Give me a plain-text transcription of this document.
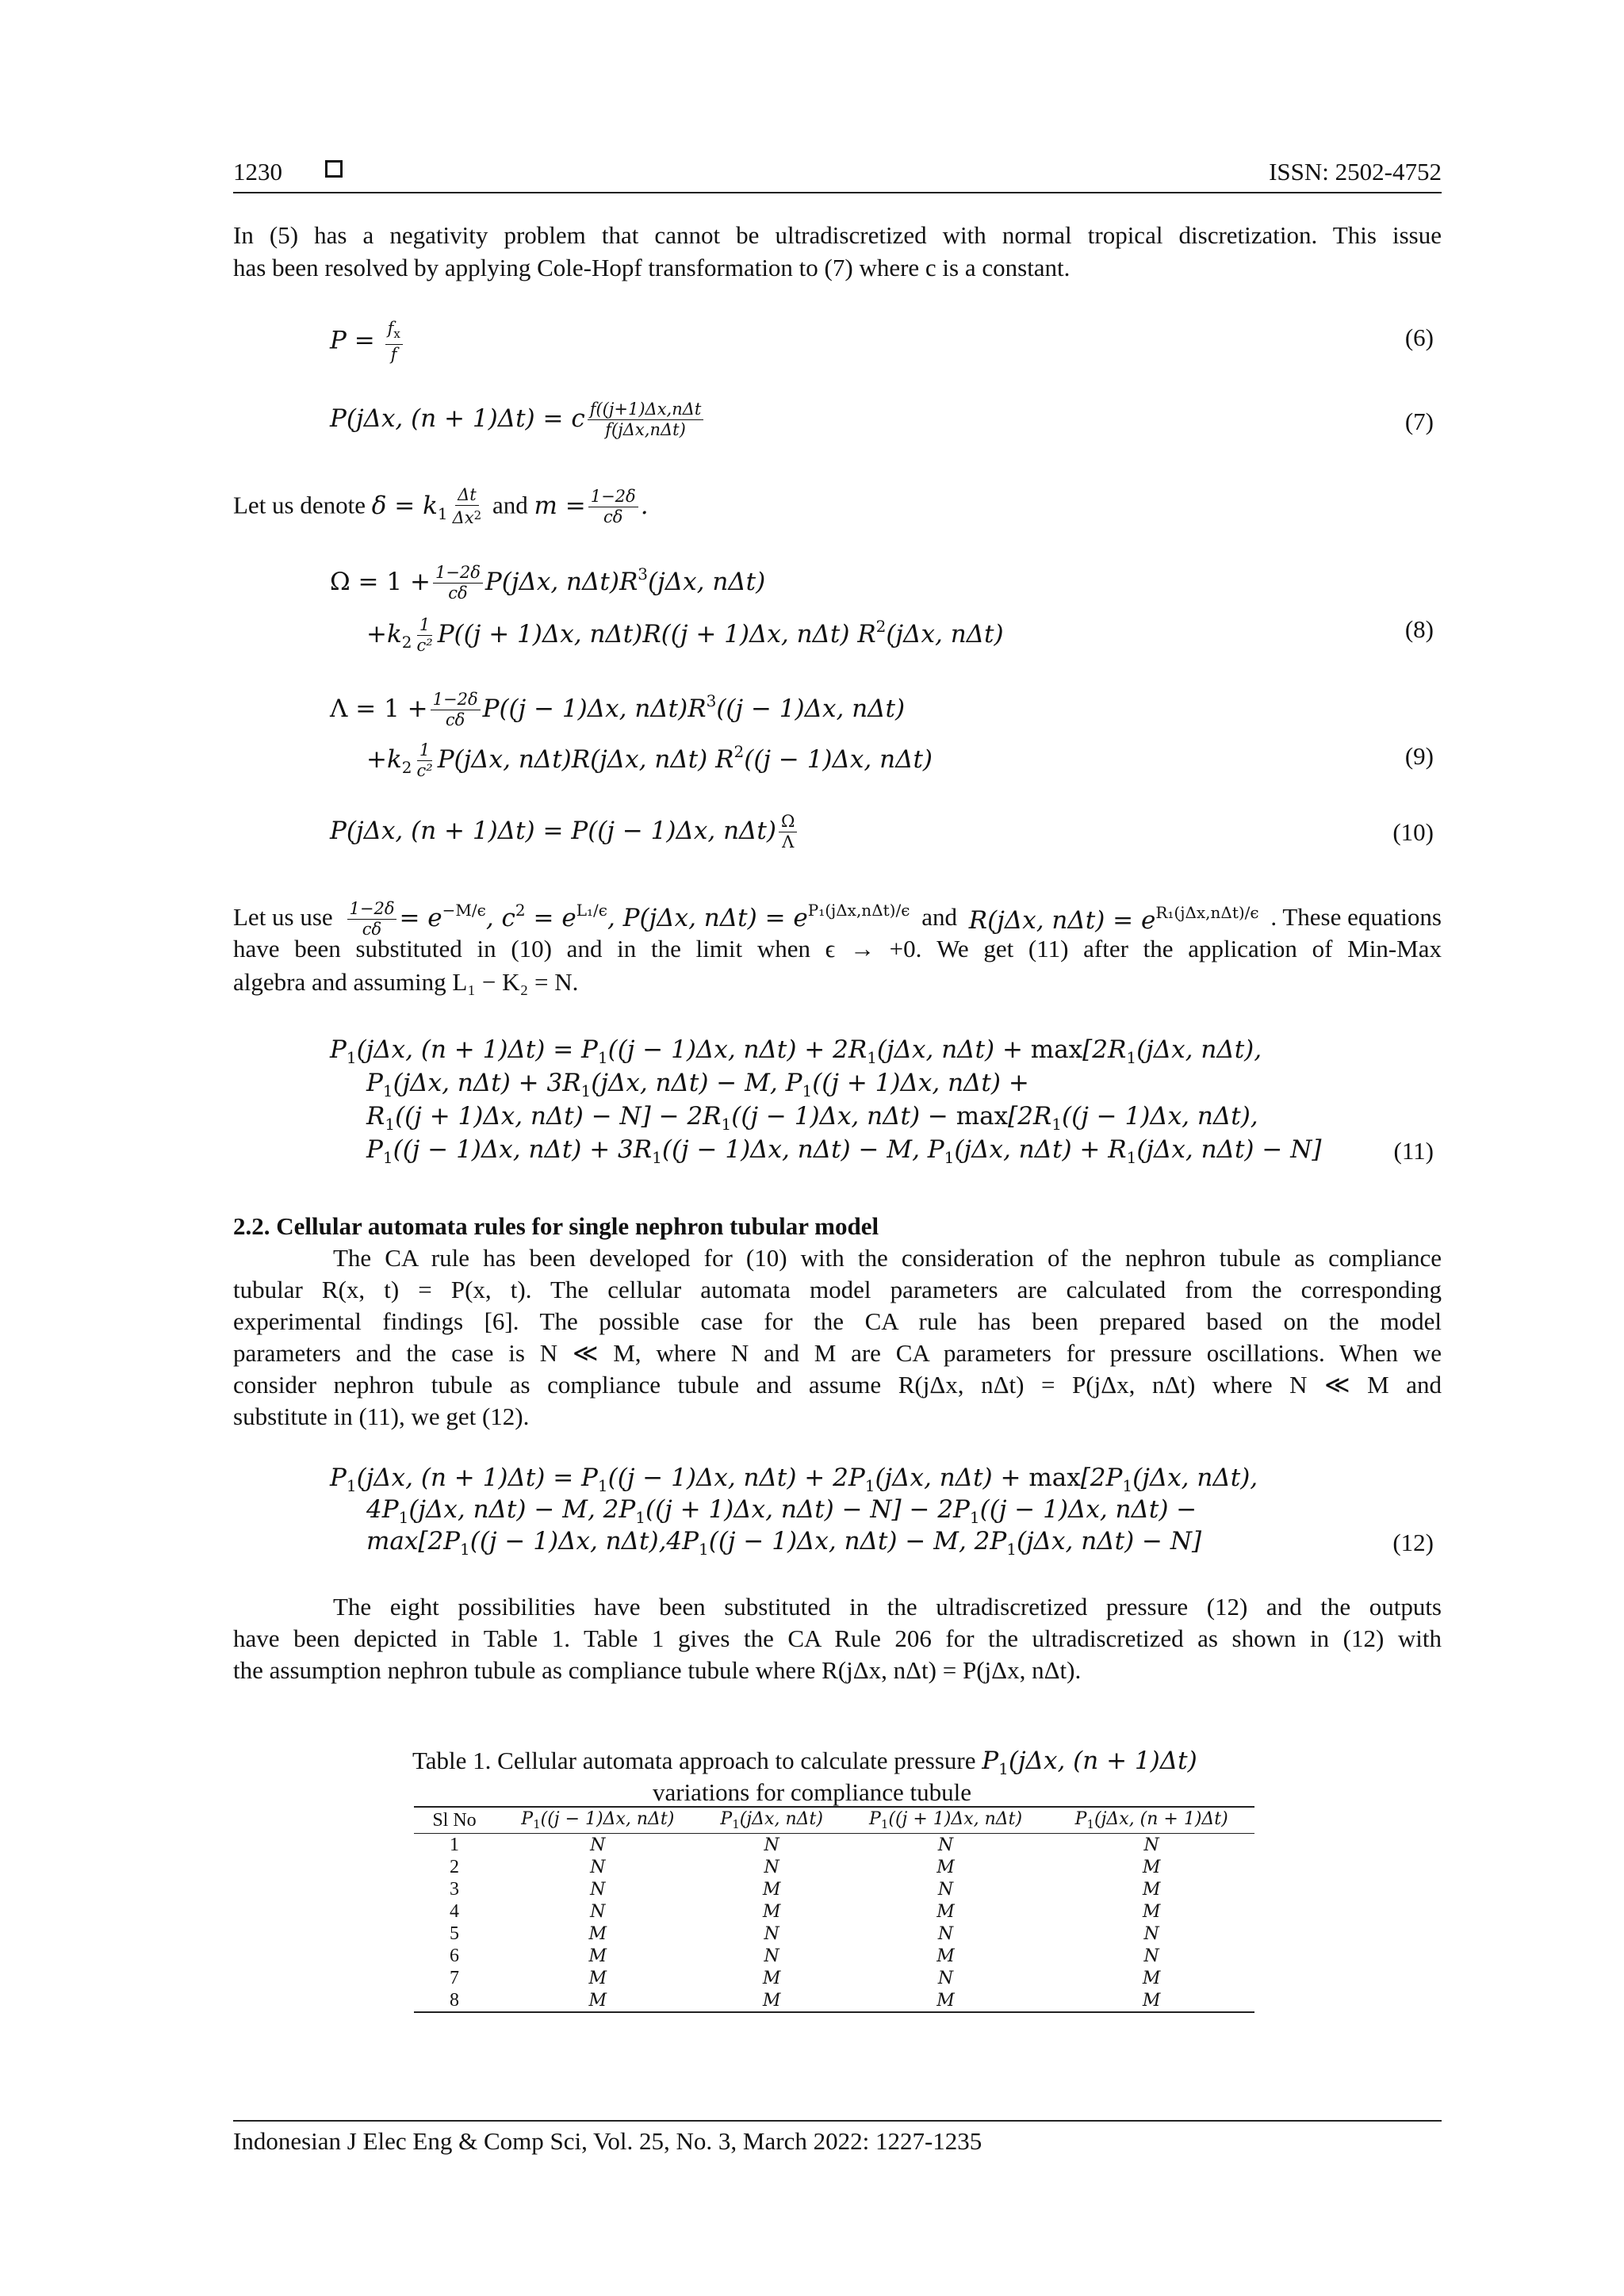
1230	ISSN: 2502-4752
In (5) has a negativity problem that cannot be ultradiscretized with normal tropical discretization. This issue
has been resolved by applying Cole-Hopf transformation to (7) where c is a constant.
$P = \frac{f_x}{f}$	(6)
P(jΔx, (n + 1)Δt) = c $\frac{\text{f((j+1)Δx,nΔt}}{\text{f(jΔx,nΔt)}}$	(7)
Let us denote $\delta = k_1 \frac{\Delta t}{\Delta x^2}$ and $m = \frac{1-2\delta}{c\delta}$ .
$\Omega = 1 + \frac{1-2\delta}{c\delta} P(j\Delta x$, $n\Delta t)R^3(j\Delta x$, nΔt)
$+k_2 \frac{1}{\text{c²}} P((j + 1)\Delta x$, nΔt)R((j + 1)Δx, nΔt) $R^2(j\Delta x$, nΔt)	(8)
$\Lambda = 1 + \frac{1-2\delta}{c\delta} P((j - 1)\Delta x$, $n\Delta t)R^3((j - 1)\Delta x$, nΔt)
$+k_2 \frac{1}{\text{c²}} P(j\Delta x$, nΔt)R(jΔx, nΔt) $R^2((j - 1)\Delta x$, nΔt)	(9)
P(jΔx, (n + 1)Δt) = P((j − 1)Δx, $n\Delta t) \frac{\Omega}{\Lambda}$	(10)
Let us use $\frac{1-2\delta}{c\delta} = e^{-M/\epsilon}$, $c^2 = e^{L_1/\epsilon}$, P(jΔx, $n\Delta t) = e^{P_1(j\Delta x,n\Delta t)/\epsilon}$ and R(jΔx, $n\Delta t) = e^{R_1(j\Delta x,n\Delta t)/\epsilon}$ . These equations
have been substituted in (10) and in the limit when ϵ → +0. We get (11) after the application of Min-Max
algebra and assuming L₁ − K₂ = N.
$P_1(j\Delta x$, $(n + 1)\Delta t) = P_1((j - 1)\Delta x$, $n\Delta t) + 2R_1(j\Delta x$, $n\Delta t) + \max[2R_1(j\Delta x$, nΔt),
$P_1(j\Delta x$, $n\Delta t) + 3R_1(j\Delta x$, nΔt) − M, $P_1((j + 1)\Delta x$, nΔt) +
$R_1((j + 1)\Delta x$, $n\Delta t) - N] - 2R_1((j - 1)\Delta x$, $n\Delta t) - \max[2R_1((j - 1)\Delta x$, nΔt),
$P_1((j - 1)\Delta x$, $n\Delta t) + 3R_1((j - 1)\Delta x$, nΔt) − M, $P_1(j\Delta x$, $n\Delta t) + R_1(j\Delta x$, nΔt) − N]	(11)
2.2. Cellular automata rules for single nephron tubular model
The CA rule has been developed for (10) with the consideration of the nephron tubule as compliance
tubular R(x, t) = P(x, t). The cellular automata model parameters are calculated from the corresponding
experimental findings [6]. The possible case for the CA rule has been prepared based on the model
parameters and the case is N ≪ M, where N and M are CA parameters for pressure oscillations. When we
consider nephron tubule as compliance tubule and assume R(jΔx, nΔt) = P(jΔx, nΔt) where N ≪ M and
substitute in (11), we get (12).
$P_1(j\Delta x$, $(n + 1)\Delta t) = P_1((j - 1)\Delta x$, $n\Delta t) + 2P_1(j\Delta x$, $n\Delta t) + \max[2P_1(j\Delta x$, nΔt),
$4P_1(j\Delta x$, nΔt) − M, $2P_1((j + 1)\Delta x$, $n\Delta t) - N] - 2P_1((j - 1)\Delta x$, nΔt) −
$\max[2P_1((j - 1)\Delta x$, $n\Delta t),4P_1((j - 1)\Delta x$, nΔt) − M, $2P_1(j\Delta x$, nΔt) − N]	(12)
The eight possibilities have been substituted in the ultradiscretized pressure (12) and the outputs
have been depicted in Table 1. Table 1 gives the CA Rule 206 for the ultradiscretized as shown in (12) with
the assumption nephron tubule as compliance tubule where R(jΔx, nΔt) = P(jΔx, nΔt).
Table 1. Cellular automata approach to calculate pressure $P_1(j\Delta x$, (n + 1)Δt)
variations for compliance tubule
Sl No	$P_1((j - 1)\Delta x$, nΔt)	$P_1(j\Delta x$, nΔt)	$P_1((j + 1)\Delta x$, nΔt)	$P_1(j\Delta x$, (n + 1)Δt)
1	N	N	N	N
2	N	N	M	M
3	N	M	N	M
4	N	M	M	M
5	M	N	N	N
6	M	N	M	N
7	M	M	N	M
8	M	M	M	M
Indonesian J Elec Eng & Comp Sci, Vol. 25, No. 3, March 2022: 1227-1235
